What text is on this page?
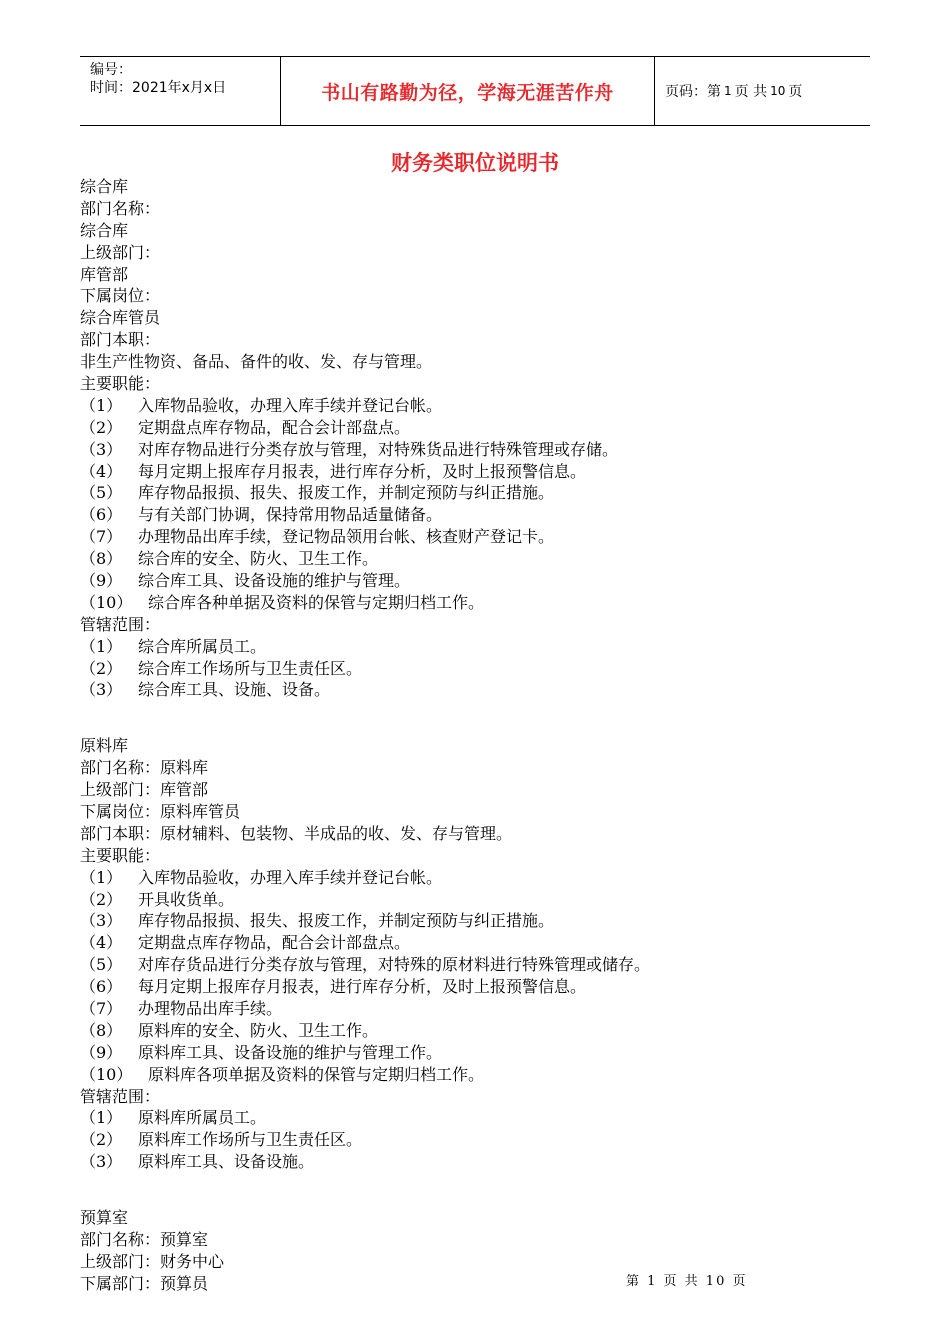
编号：
时间：2021年x月x日	书山有路勤为径，学海无涯苦作舟	页码：第 1 页 共 10 页
财务类职位说明书
综合库
部门名称：
综合库
上级部门：
库管部
下属岗位：
综合库管员
部门本职：
非生产性物资、备品、备件的收、发、存与管理。
主要职能：
（1） 入库物品验收，办理入库手续并登记台帐。
（2） 定期盘点库存物品，配合会计部盘点。
（3） 对库存物品进行分类存放与管理，对特殊货品进行特殊管理或存储。
（4） 每月定期上报库存月报表，进行库存分析，及时上报预警信息。
（5） 库存物品报损、报失、报废工作，并制定预防与纠正措施。
（6） 与有关部门协调，保持常用物品适量储备。
（7） 办理物品出库手续，登记物品领用台帐、核查财产登记卡。
（8） 综合库的安全、防火、卫生工作。
（9） 综合库工具、设备设施的维护与管理。
（10） 综合库各种单据及资料的保管与定期归档工作。
管辖范围：
（1） 综合库所属员工。
（2） 综合库工作场所与卫生责任区。
（3） 综合库工具、设施、设备。
原料库
部门名称：原料库
上级部门：库管部
下属岗位：原料库管员
部门本职：原材辅料、包装物、半成品的收、发、存与管理。
主要职能：
（1） 入库物品验收，办理入库手续并登记台帐。
（2） 开具收货单。
（3） 库存物品报损、报失、报废工作，并制定预防与纠正措施。
（4） 定期盘点库存物品，配合会计部盘点。
（5） 对库存货品进行分类存放与管理，对特殊的原材料进行特殊管理或储存。
（6） 每月定期上报库存月报表，进行库存分析，及时上报预警信息。
（7） 办理物品出库手续。
（8） 原料库的安全、防火、卫生工作。
（9） 原料库工具、设备设施的维护与管理工作。
（10） 原料库各项单据及资料的保管与定期归档工作。
管辖范围：
（1） 原料库所属员工。
（2） 原料库工作场所与卫生责任区。
（3） 原料库工具、设备设施。
预算室
部门名称：预算室
上级部门：财务中心
下属部门：预算员	第 1 页 共 10 页
